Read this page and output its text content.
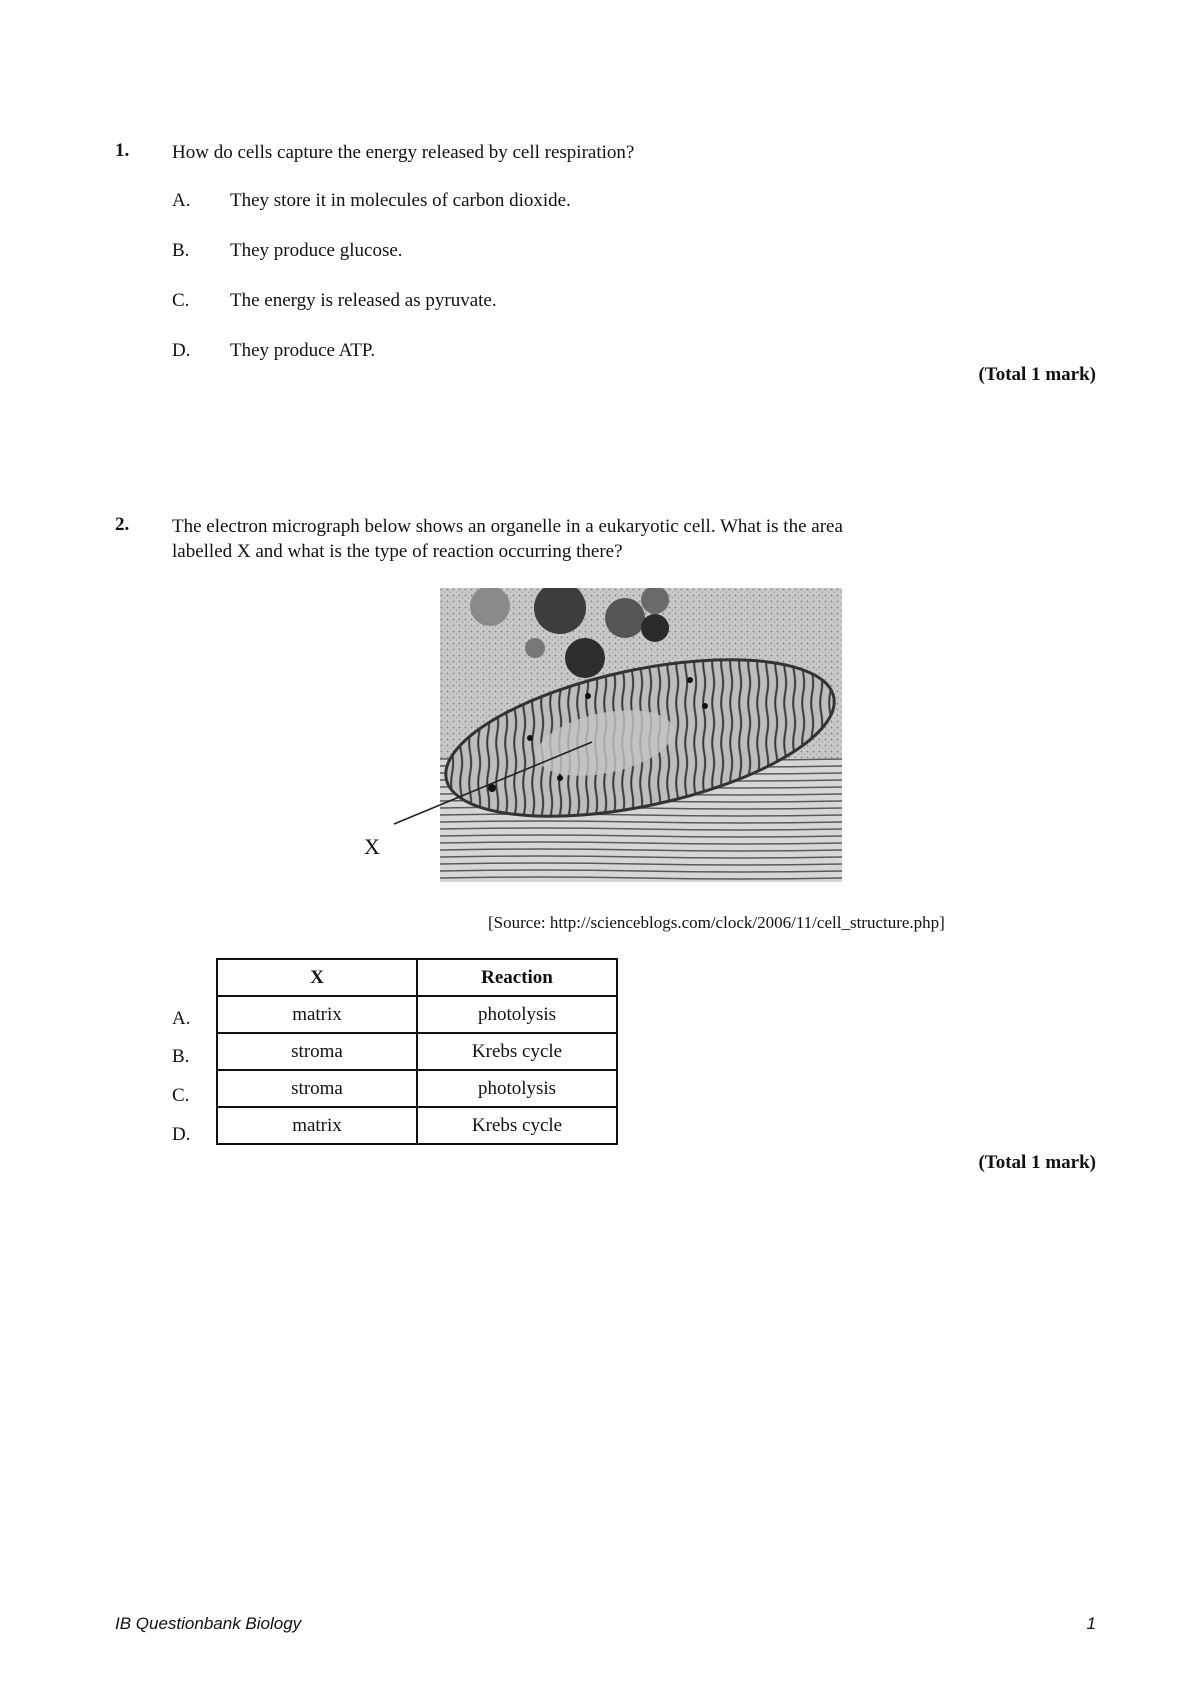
1. How do cells capture the energy released by cell respiration?
A. They store it in molecules of carbon dioxide.
B. They produce glucose.
C. The energy is released as pyruvate.
D. They produce ATP.
(Total 1 mark)
2. The electron micrograph below shows an organelle in a eukaryotic cell. What is the area
labelled X and what is the type of reaction occurring there?
X
[Source: http://scienceblogs.com/clock/2006/11/cell_structure.php]
X	Reaction
matrix	photolysis
stroma	Krebs cycle
stroma	photolysis
matrix	Krebs cycle
A.
B.
C.
D.
(Total 1 mark)
IB Questionbank Biology	1
